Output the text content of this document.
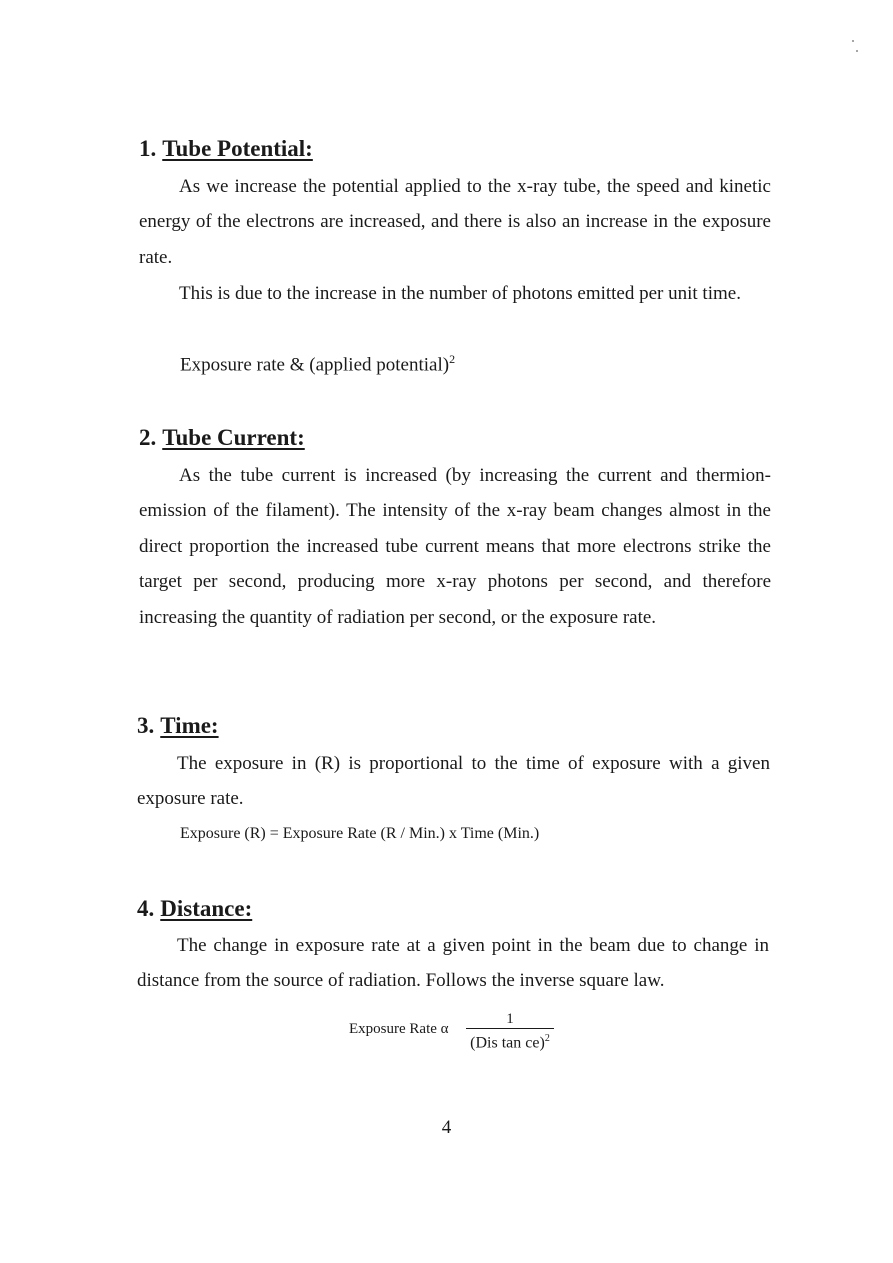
1. Tube Potential:

As we increase the potential applied to the x-ray tube, the speed and kinetic energy of the electrons are increased, and there is also an increase in the exposure rate.

This is due to the increase in the number of photons emitted per unit time.

Exposure rate & (applied potential)$^2$
2. Tube Current:

As the tube current is increased (by increasing the current and thermion-emission of the filament). The intensity of the x-ray beam changes almost in the direct proportion the increased tube current means that more electrons strike the target per second, producing more x-ray photons per second, and therefore increasing the quantity of radiation per second, or the exposure rate.

3. Time:

The exposure in (R) is proportional to the time of exposure with a given exposure rate.

Exposure (R) = Exposure Rate (R / Min.) x Time (Min.)
4. Distance:

The change in exposure rate at a given point in the beam due to change in distance from the source of radiation. Follows the inverse square law.

Exposure Rate α
1
(Dis tan ce)$^2$
4
